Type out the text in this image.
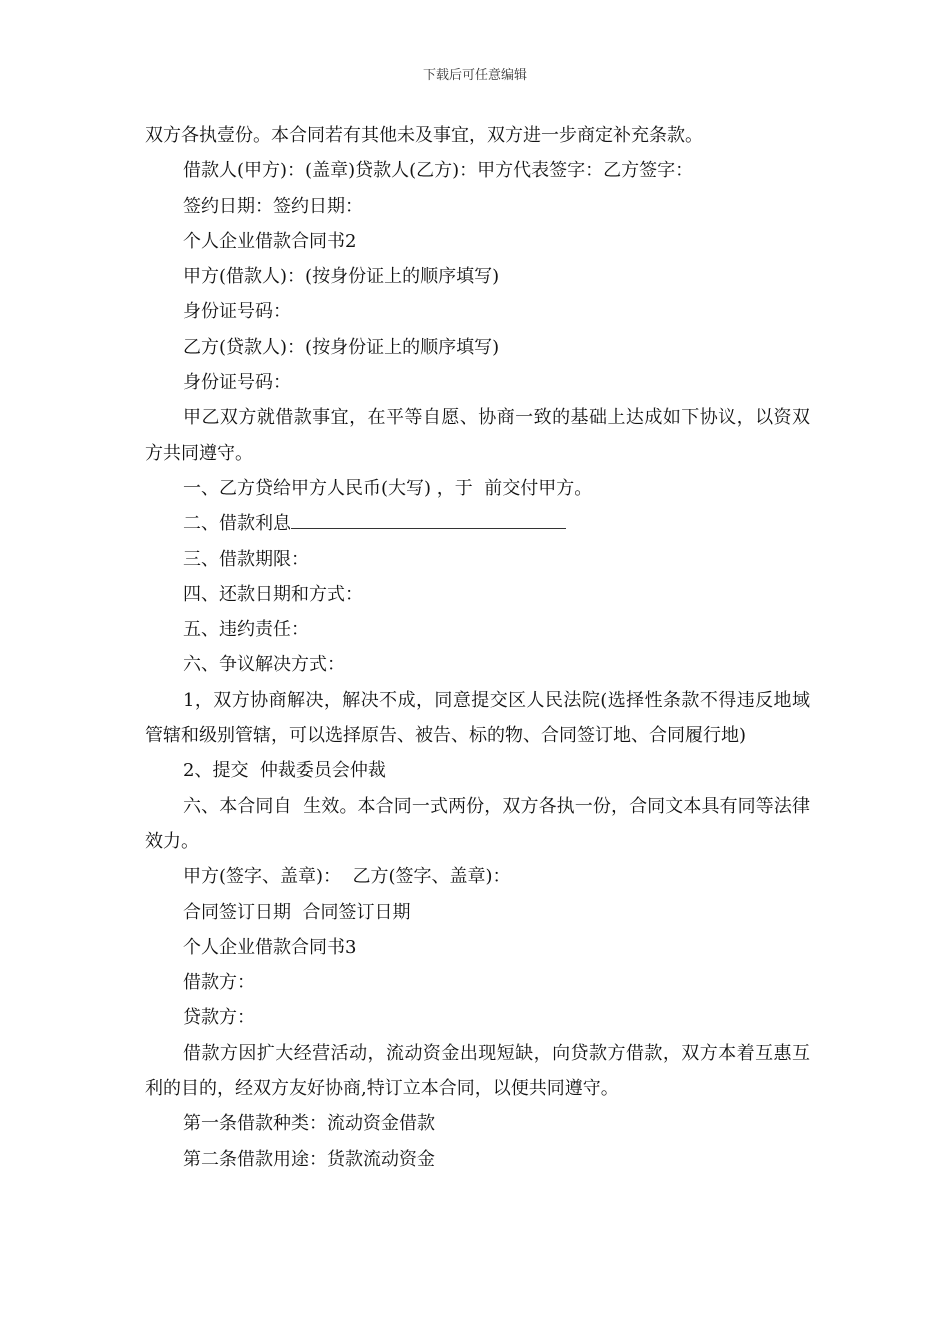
下载后可任意编辑

双方各执壹份。本合同若有其他未及事宜，双方进一步商定补充条款。

借款人(甲方)：(盖章)贷款人(乙方)：甲方代表签字：乙方签字：

签约日期：签约日期：

个人企业借款合同书2

甲方(借款人)：(按身份证上的顺序填写)

身份证号码：

乙方(贷款人)：(按身份证上的顺序填写)

身份证号码：

甲乙双方就借款事宜，在平等自愿、协商一致的基础上达成如下协议，以资双方共同遵守。

一、乙方贷给甲方人民币(大写) ，于  前交付甲方。

二、借款利息

三、借款期限：

四、还款日期和方式：

五、违约责任：

六、争议解决方式：

1，双方协商解决，解决不成，同意提交区人民法院(选择性条款不得违反地域管辖和级别管辖，可以选择原告、被告、标的物、合同签订地、合同履行地)

2、提交  仲裁委员会仲裁

六、本合同自  生效。本合同一式两份，双方各执一份，合同文本具有同等法律效力。

甲方(签字、盖章)：  乙方(签字、盖章)：

合同签订日期  合同签订日期

个人企业借款合同书3

借款方：

贷款方：

借款方因扩大经营活动，流动资金出现短缺，向贷款方借款，双方本着互惠互利的目的，经双方友好协商,特订立本合同，以便共同遵守。

第一条借款种类：流动资金借款

第二条借款用途：货款流动资金
